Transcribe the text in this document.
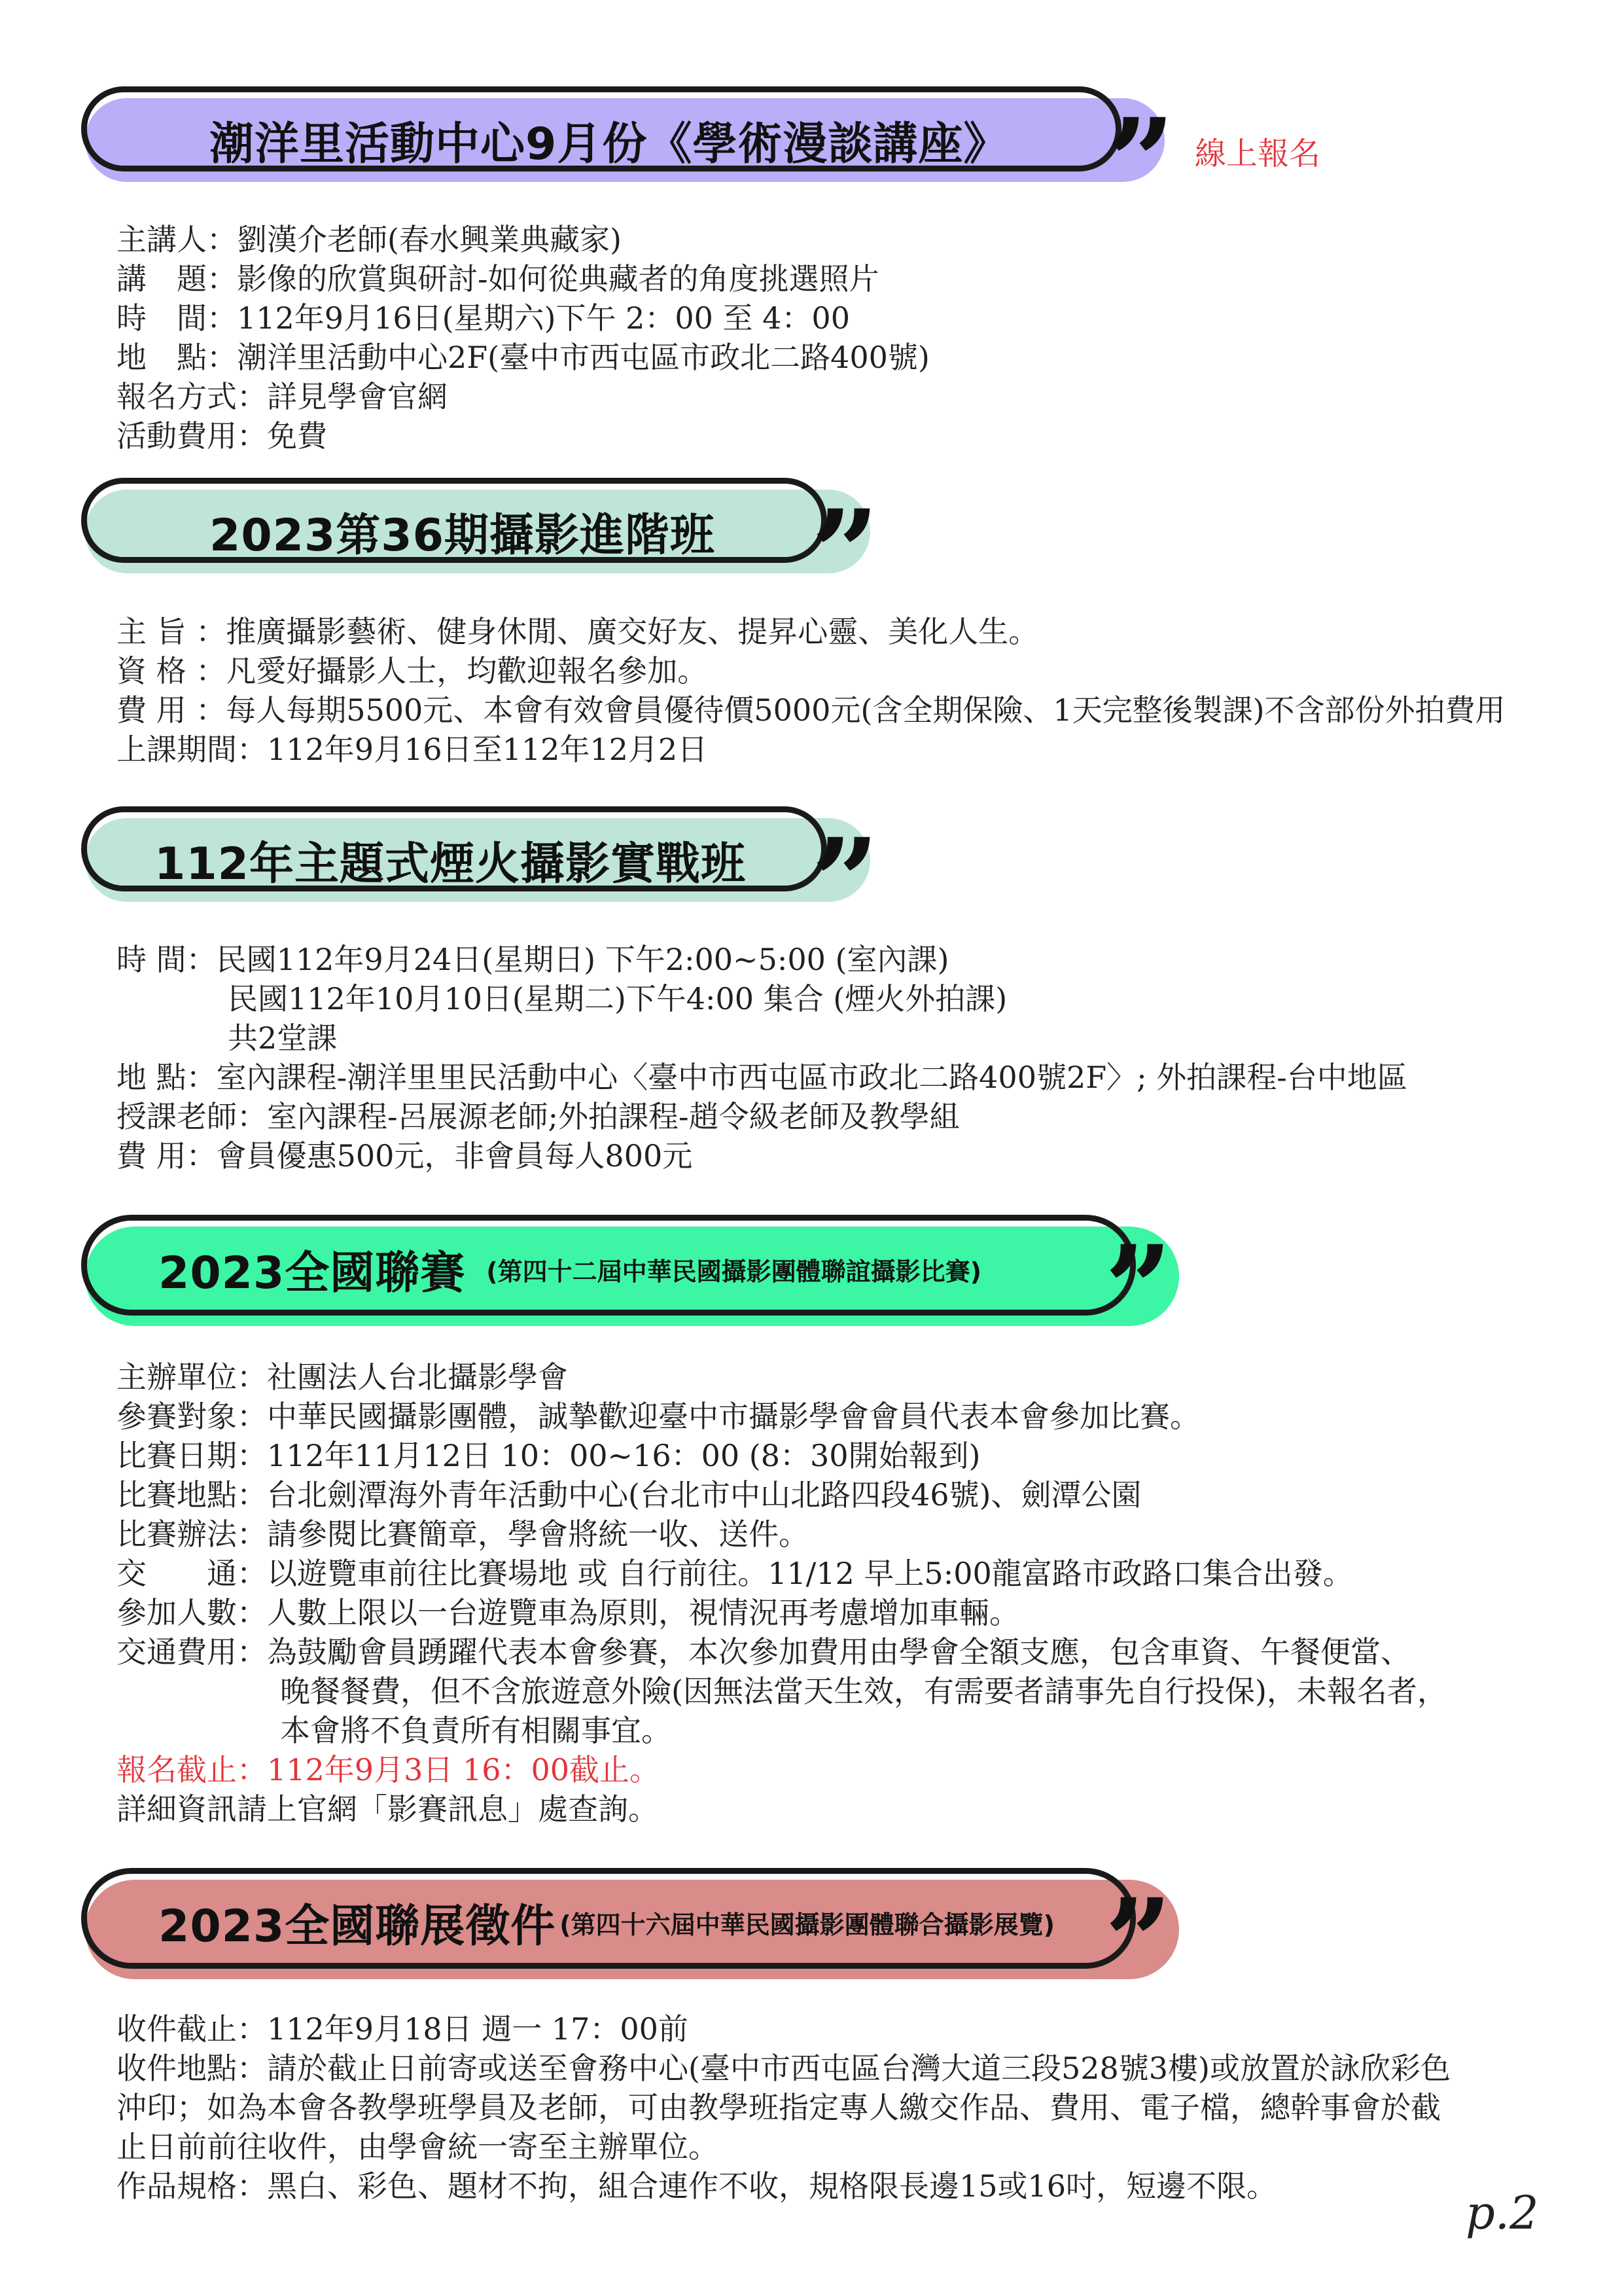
潮洋里活動中心9月份《學術漫談講座》 ” 線上報名
主講人：劉漢介老師(春水興業典藏家)
講　題：影像的欣賞與研討-如何從典藏者的角度挑選照片
時　間：112年9月16日(星期六)下午 2：00 至 4：00
地　點：潮洋里活動中心2F(臺中市西屯區市政北二路400號)
報名方式：詳見學會官網
活動費用：免費
2023第36期攝影進階班 ”
主 旨 ：推廣攝影藝術、健身休閒、廣交好友、提昇心靈、美化人生。
資 格 ：凡愛好攝影人士，均歡迎報名參加。
費 用 ：每人每期5500元、本會有效會員優待價5000元(含全期保險、1天完整後製課)不含部份外拍費用
上課期間：112年9月16日至112年12月2日
112年主題式煙火攝影實戰班 ”
時 間：民國112年9月24日(星期日) 下午2:00~5:00 (室內課)
民國112年10月10日(星期二)下午4:00 集合 (煙火外拍課)
共2堂課
地 點：室內課程-潮洋里里民活動中心〈臺中市西屯區市政北二路400號2F〉; 外拍課程-台中地區
授課老師：室內課程-呂展源老師;外拍課程-趙令級老師及教學組
費 用：會員優惠500元，非會員每人800元
2023全國聯賽 (第四十二屆中華民國攝影團體聯誼攝影比賽) ”
主辦單位：社團法人台北攝影學會
參賽對象：中華民國攝影團體，誠摯歡迎臺中市攝影學會會員代表本會參加比賽。
比賽日期：112年11月12日 10：00~16：00 (8：30開始報到)
比賽地點：台北劍潭海外青年活動中心(台北市中山北路四段46號)、劍潭公園
比賽辦法：請參閱比賽簡章，學會將統一收、送件。
交　　通：以遊覽車前往比賽場地 或 自行前往。11/12 早上5:00龍富路市政路口集合出發。
參加人數：人數上限以一台遊覽車為原則，視情況再考慮增加車輛。
交通費用：為鼓勵會員踴躍代表本會參賽，本次參加費用由學會全額支應，包含車資、午餐便當、
晚餐餐費，但不含旅遊意外險(因無法當天生效，有需要者請事先自行投保)，未報名者，
本會將不負責所有相關事宜。
報名截止：112年9月3日 16：00截止。
詳細資訊請上官網「影賽訊息」處查詢。
2023全國聯展徵件 (第四十六屆中華民國攝影團體聯合攝影展覽) ”
收件截止：112年9月18日 週一 17：00前
收件地點：請於截止日前寄或送至會務中心(臺中市西屯區台灣大道三段528號3樓)或放置於詠欣彩色
沖印；如為本會各教學班學員及老師，可由教學班指定專人繳交作品、費用、電子檔，總幹事會於截
止日前前往收件，由學會統一寄至主辦單位。
作品規格：黑白、彩色、題材不拘，組合連作不收，規格限長邊15或16吋，短邊不限。	p.2
